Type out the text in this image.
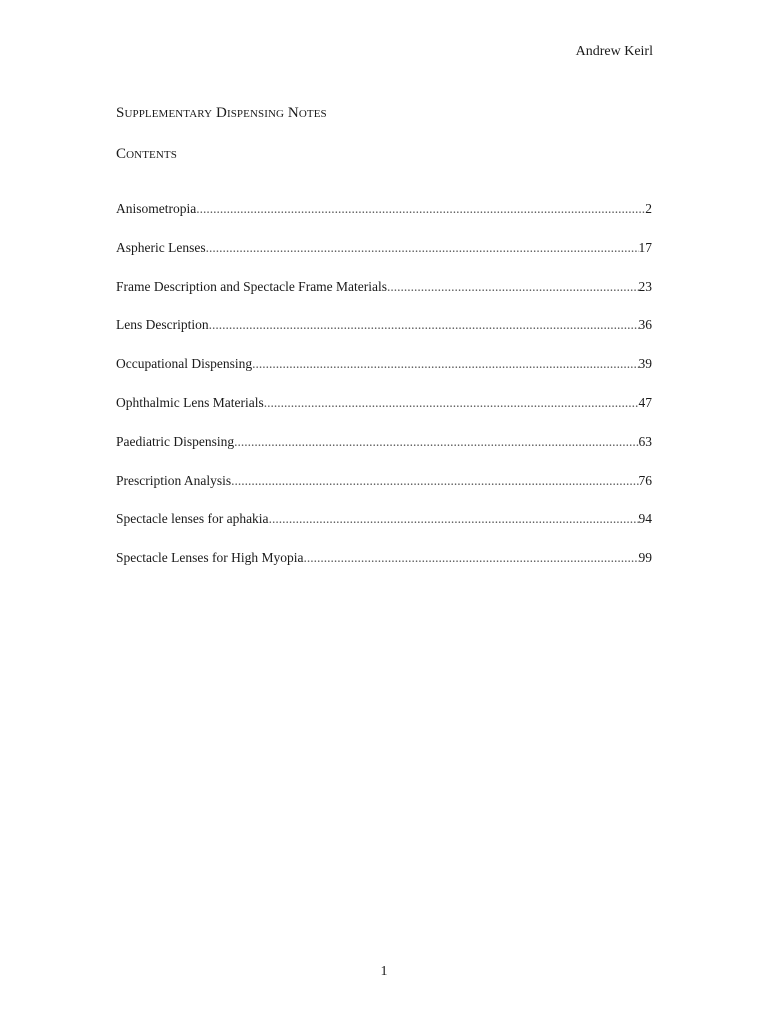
Andrew Keirl
Supplementary Dispensing Notes
Contents
Anisometropia .....	2
Aspheric Lenses .....	17
Frame Description and Spectacle Frame Materials .....	23
Lens Description .....	36
Occupational Dispensing .....	39
Ophthalmic Lens Materials .....	47
Paediatric Dispensing .....	63
Prescription Analysis .....	76
Spectacle lenses for aphakia .....	94
Spectacle Lenses for High Myopia .....	99
1
